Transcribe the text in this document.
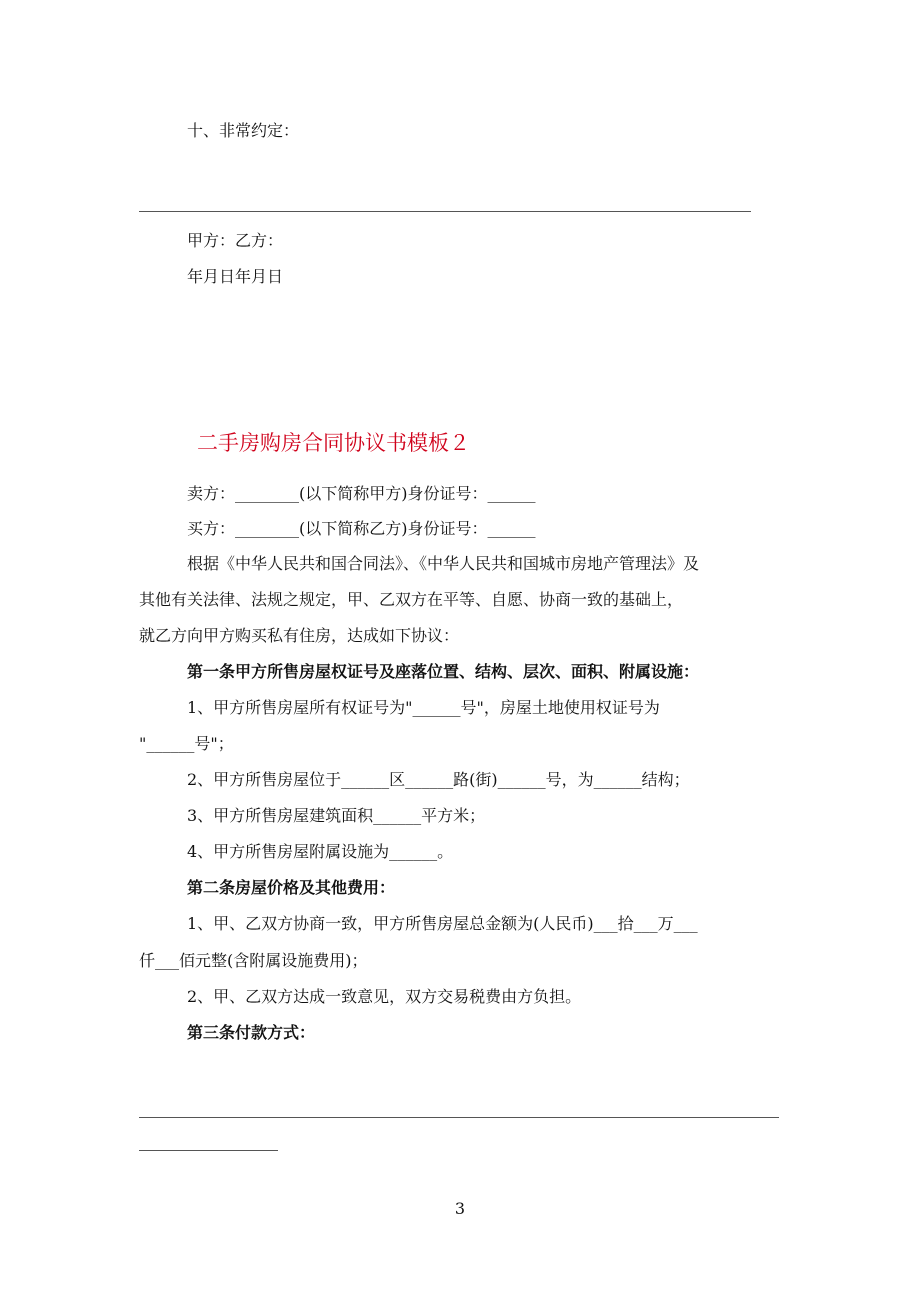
十、非常约定：
甲方：乙方：
年月日年月日
二手房购房合同协议书模板２
卖方：________(以下简称甲方)身份证号：______
买方：________(以下简称乙方)身份证号：______
根据《中华人民共和国合同法》、《中华人民共和国城市房地产管理法》及
其他有关法律、法规之规定，甲、乙双方在平等、自愿、协商一致的基础上，
就乙方向甲方购买私有住房，达成如下协议：
第一条甲方所售房屋权证号及座落位置、结构、层次、面积、附属设施：
1、甲方所售房屋所有权证号为"______号"，房屋土地使用权证号为
"______号"；
2、甲方所售房屋位于______区______路(街)______号，为______结构；
3、甲方所售房屋建筑面积______平方米；
4、甲方所售房屋附属设施为______。
第二条房屋价格及其他费用：
1、甲、乙双方协商一致，甲方所售房屋总金额为(人民币)___拾___万___
仟___佰元整(含附属设施费用)；
2、甲、乙双方达成一致意见，双方交易税费由方负担。
第三条付款方式：
3
